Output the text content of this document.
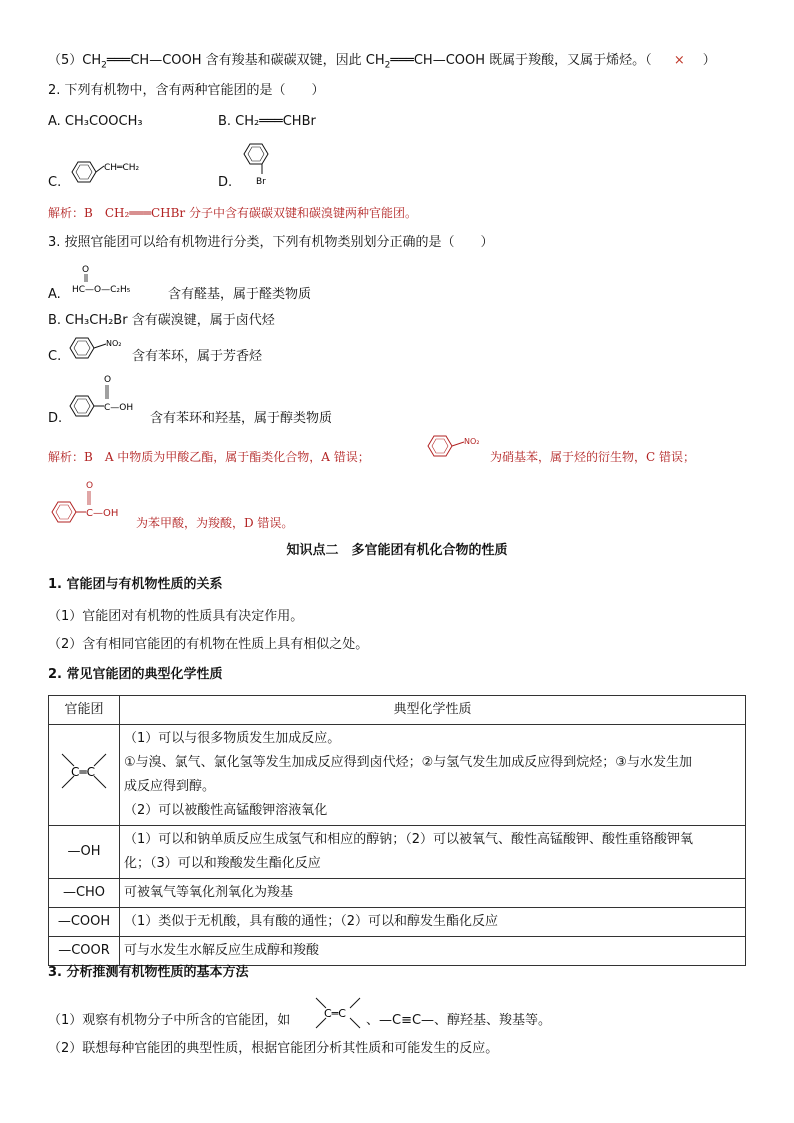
$(5)CH_2═══CH—COOH$ 含有羧基和碳碳双键，因此 $CH_2═══CH—COOH$ 既属于羧酸，又属于烯烃。（ × ）
2. 下列有机物中，含有两种官能团的是（　　）
A. CH₃COOCH₃	B. CH₂═══CHBr
C.
CH═CH₂
D.	Br
解析：B　CH₂═══CHBr 分子中含有碳碳双键和碳溴键两种官能团。
3. 按照官能团可以给有机物进行分类，下列有机物类别划分正确的是（　　）
A.
O
HC—O—C₂H₅	含有醛基，属于醛类物质
B. CH₃CH₂Br 含有碳溴键，属于卤代烃
C.
NO₂
含有苯环，属于芳香烃
D.
O
C—OH
含有苯环和羟基，属于醇类物质
解析：B　A 中物质为甲酸乙酯，属于酯类化合物，A 错误；
NO₂
为硝基苯，属于烃的衍生物，C 错误；
O
C—OH
为苯甲酸，为羧酸，D 错误。
知识点二　多官能团有机化合物的性质
1. 官能团与有机物性质的关系
（1）官能团对有机物的性质具有决定作用。
（2）含有相同官能团的有机物在性质上具有相似之处。
2. 常见官能团的典型化学性质
官能团	典型化学性质

C═C	（1）可以与很多物质发生加成反应。
①与溴、氯气、氯化氢等发生加成反应得到卤代烃；②与氢气发生加成反应得到烷烃；③与水发生加
成反应得到醇。
（2）可以被酸性高锰酸钾溶液氧化

—OH	（1）可以和钠单质反应生成氢气和相应的醇钠；（2）可以被氧气、酸性高锰酸钾、酸性重铬酸钾氧
化；（3）可以和羧酸发生酯化反应

—CHO	可被氧气等氧化剂氧化为羧基
—COOH	（1）类似于无机酸，具有酸的通性；（2）可以和醇发生酯化反应
—COOR	可与水发生水解反应生成醇和羧酸
3. 分析推测有机物性质的基本方法
（1）观察有机物分子中所含的官能团，如	C═C 、—C≡C—、醇羟基、羧基等。
（2）联想每种官能团的典型性质，根据官能团分析其性质和可能发生的反应。
